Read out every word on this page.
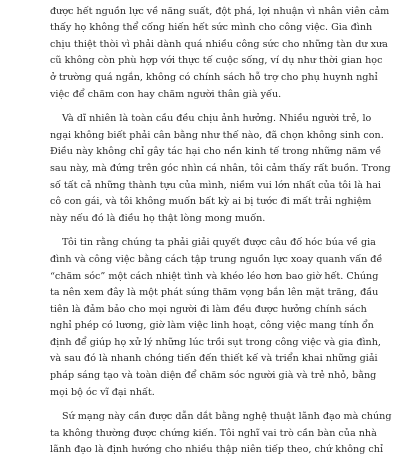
được hết nguồn lực về năng suất, đột phá, lợi nhuận vì nhân viên cảm
thấy họ không thể cống hiến hết sức mình cho công việc. Gia đình
chịu thiệt thòi vì phải dành quá nhiều công sức cho những tàn dư xưa
cũ không còn phù hợp với thực tế cuộc sống, ví dụ như thời gian học
ở trường quá ngắn, không có chính sách hỗ trợ cho phụ huynh nghỉ
việc để chăm con hay chăm người thân già yếu.

Và dĩ nhiên là toàn cầu đều chịu ảnh hưởng. Nhiều người trẻ, lo
ngại không biết phải cân bằng như thế nào, đã chọn không sinh con.
Điều này không chỉ gây tác hại cho nền kinh tế trong những năm về
sau này, mà đứng trên góc nhìn cá nhân, tôi cảm thấy rất buồn. Trong
số tất cả những thành tựu của mình, niềm vui lớn nhất của tôi là hai
cô con gái, và tôi không muốn bất kỳ ai bị tước đi mất trải nghiệm
này nếu đó là điều họ thật lòng mong muốn.

Tôi tin rằng chúng ta phải giải quyết được câu đố hóc búa về gia
đình và công việc bằng cách tập trung nguồn lực xoay quanh vấn đề
“chăm sóc” một cách nhiệt tình và khéo léo hơn bao giờ hết. Chúng
ta nên xem đây là một phát súng thăm vọng bắn lên mặt trăng, đầu
tiên là đảm bảo cho mọi người đi làm đều được hưởng chính sách
nghỉ phép có lương, giờ làm việc linh hoạt, công việc mang tính ổn
định để giúp họ xử lý những lúc trồi sụt trong công việc và gia đình,
và sau đó là nhanh chóng tiến đến thiết kế và triển khai những giải
pháp sáng tạo và toàn diện để chăm sóc người già và trẻ nhỏ, bằng
mọi bộ óc vĩ đại nhất.

Sứ mạng này cần được dẫn dắt bằng nghệ thuật lãnh đạo mà chúng
ta không thường được chứng kiến. Tôi nghĩ vai trò cần bàn của nhà
lãnh đạo là định hướng cho nhiều thập niên tiếp theo, chứ không chỉ
